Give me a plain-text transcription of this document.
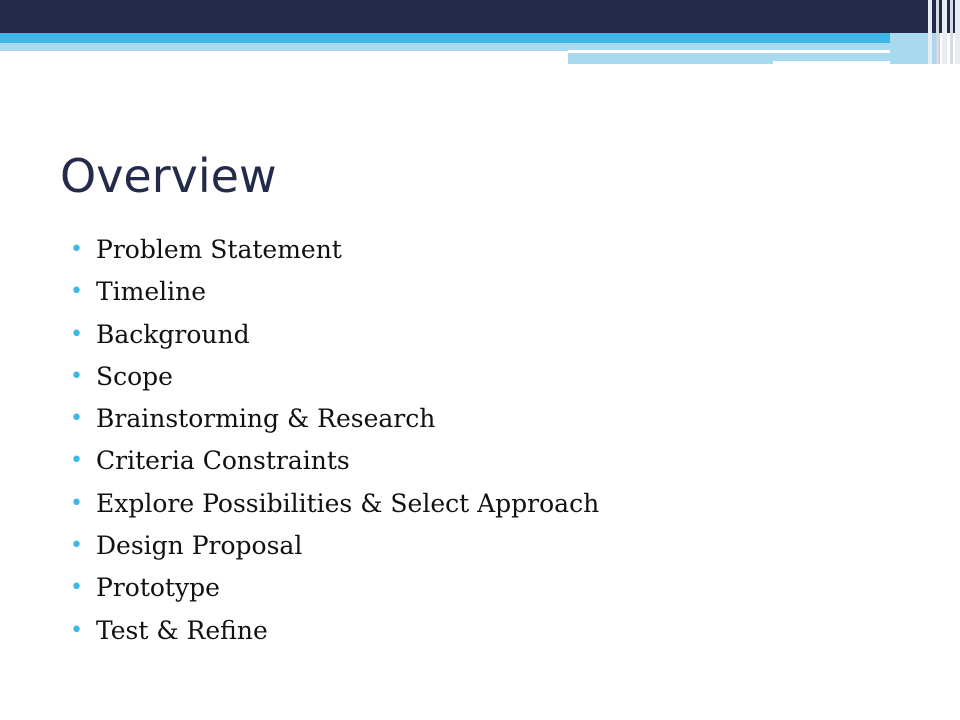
Overview
• Problem Statement
• Timeline
• Background
• Scope
• Brainstorming & Research
• Criteria Constraints
• Explore Possibilities & Select Approach
• Design Proposal
• Prototype
• Test & Refine
